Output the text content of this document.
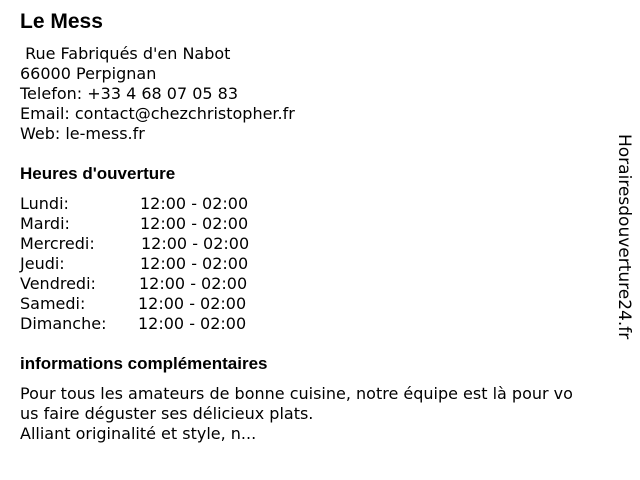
Le Mess
Rue Fabriqués d'en Nabot
66000 Perpignan
Telefon: +33 4 68 07 05 83
Email: contact@chezchristopher.fr
Web: le-mess.fr
Heures d'ouverture
Lundi:	12:00 - 02:00
Mardi:	12:00 - 02:00
Mercredi:	12:00 - 02:00
Jeudi:	12:00 - 02:00
Vendredi:	12:00 - 02:00
Samedi:	12:00 - 02:00
Dimanche: 12:00 - 02:00
informations complémentaires
Pour tous les amateurs de bonne cuisine, notre équipe est là pour vo
us faire déguster ses délicieux plats.
Alliant originalité et style, n...
Horairesdouverture24.fr
